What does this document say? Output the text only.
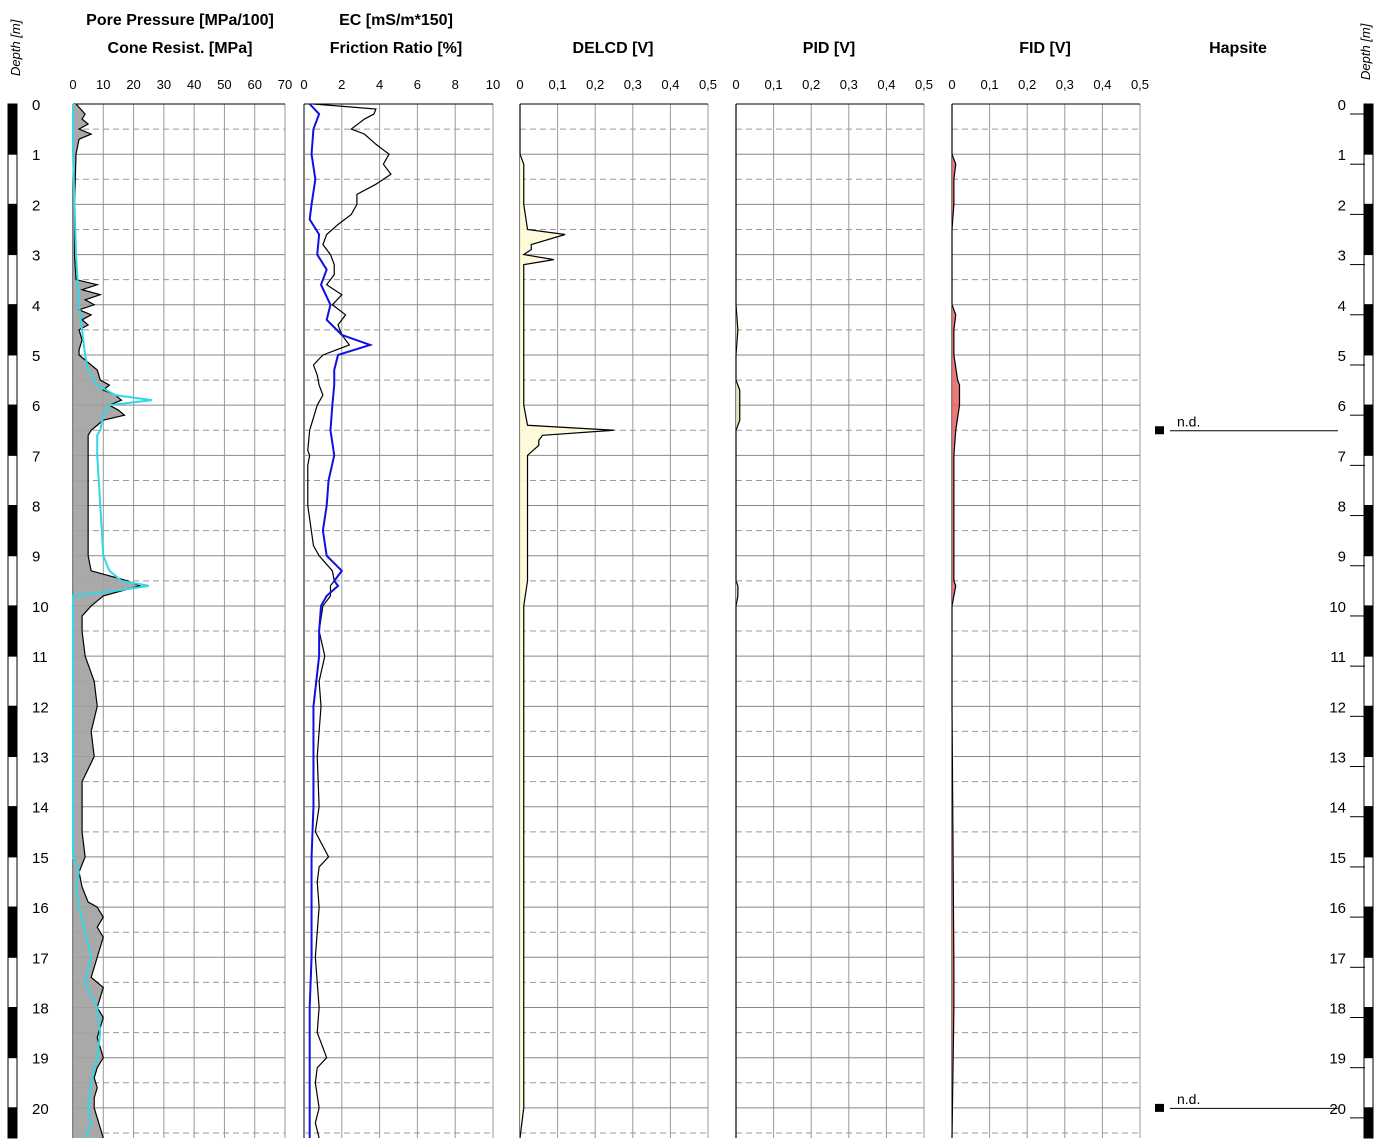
0
1
2
3
4
5
6
7
8
9
10
11
12
13
14
15
16
17
18
19
20
0
1
2
3
4
5
6
7
8
9
10
11
12
13
14
15
16
17
18
19
20
Depth [m]	Depth [m]
Pore Pressure [MPa/100]
Cone Resist. [MPa]
0 10 20 30 40 50 60 70
EC [mS/m*150]
Friction Ratio [%]
0 2 4 6 8 10
DELCD [V]
0 0,1 0,2 0,3 0,4 0,5
PID [V]
0 0,1 0,2 0,3 0,4 0,5
FID [V]
0 0,1 0,2 0,3 0,4 0,5
Hapsite
n.d.
n.d.
